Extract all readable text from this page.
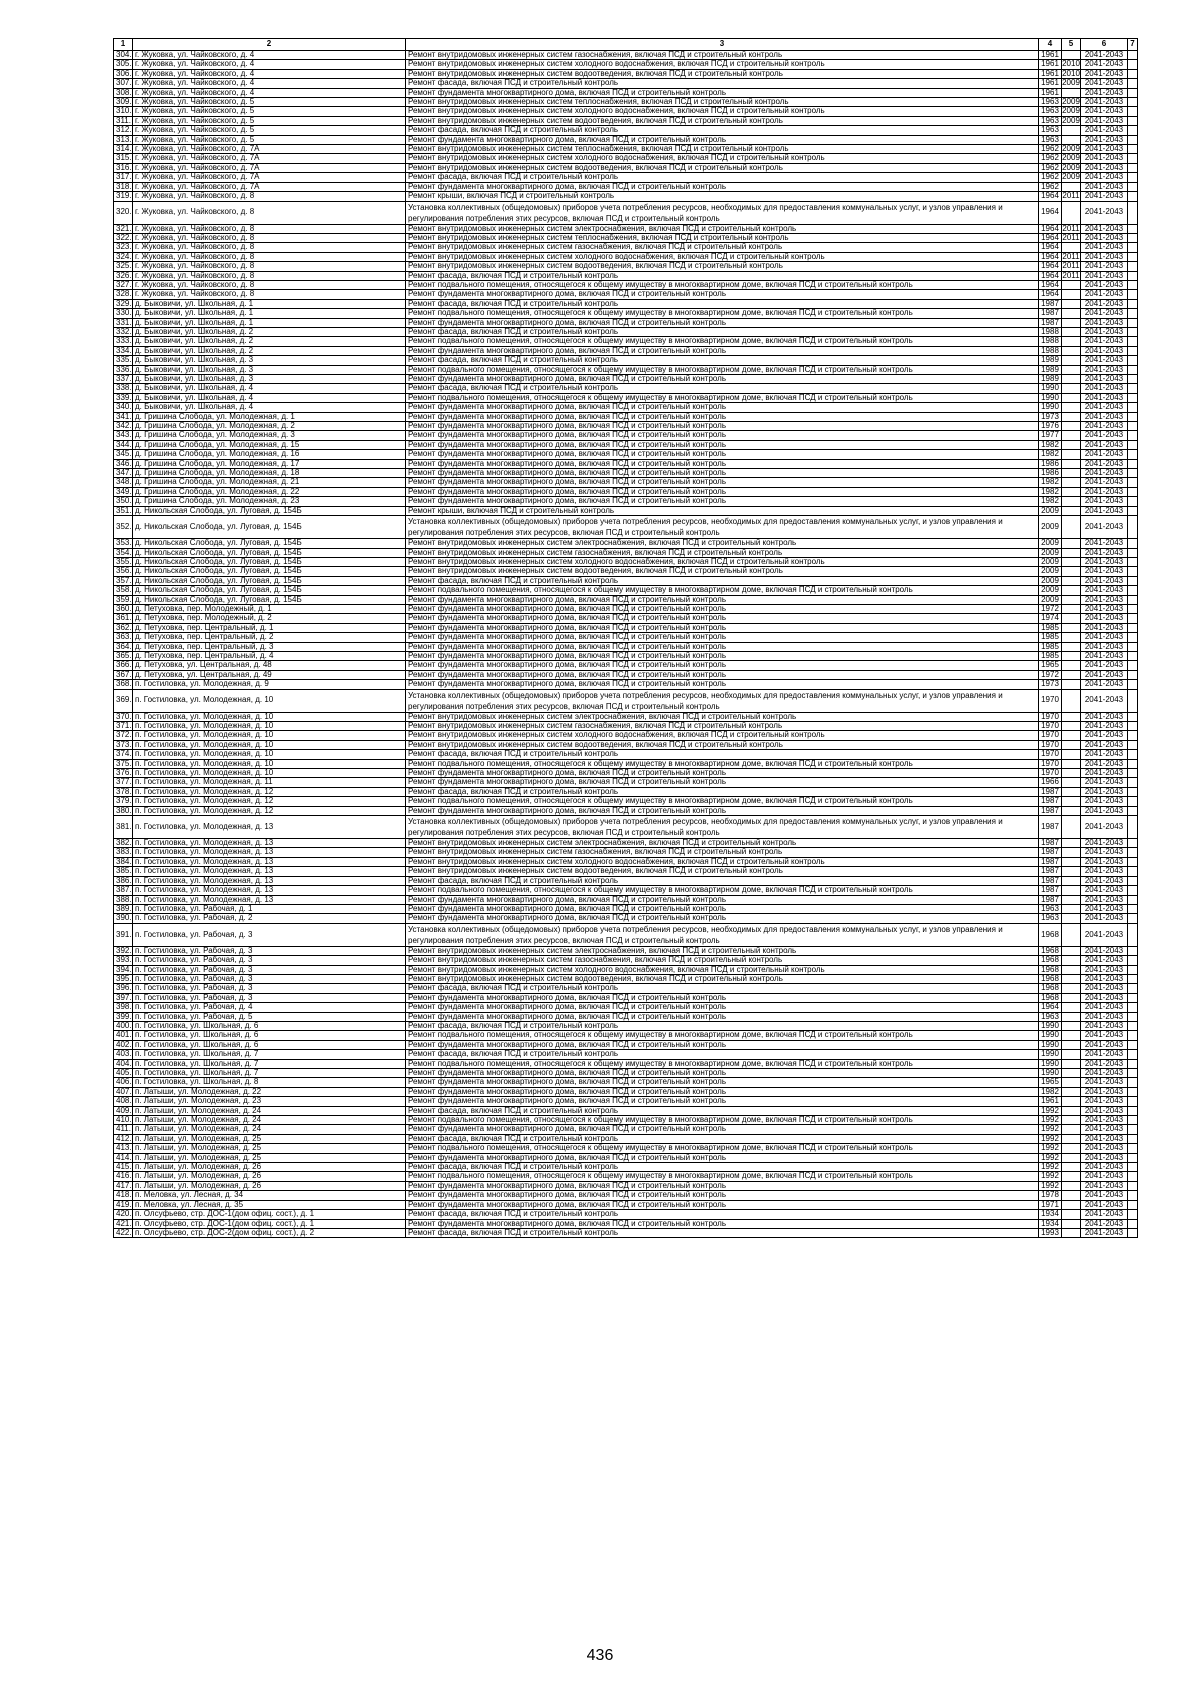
1	2	3	4	5	6	7
304.	г. Жуковка, ул. Чайковского, д. 4	Ремонт внутридомовых инженерных систем газоснабжения, включая ПСД и строительный контроль	1961		2041-2043	
305.	г. Жуковка, ул. Чайковского, д. 4	Ремонт внутридомовых инженерных систем холодного водоснабжения, включая ПСД и строительный контроль	1961	2010	2041-2043	
306.	г. Жуковка, ул. Чайковского, д. 4	Ремонт внутридомовых инженерных систем водоотведения, включая ПСД и строительный контроль	1961	2010	2041-2043	
307.	г. Жуковка, ул. Чайковского, д. 4	Ремонт фасада, включая ПСД и строительный контроль	1961	2009	2041-2043	
308.	г. Жуковка, ул. Чайковского, д. 4	Ремонт фундамента многоквартирного дома, включая ПСД и строительный контроль	1961		2041-2043	
309.	г. Жуковка, ул. Чайковского, д. 5	Ремонт внутридомовых инженерных систем теплоснабжения, включая ПСД и строительный контроль	1963	2009	2041-2043	
310.	г. Жуковка, ул. Чайковского, д. 5	Ремонт внутридомовых инженерных систем холодного водоснабжения, включая ПСД и строительный контроль	1963	2009	2041-2043	
311.	г. Жуковка, ул. Чайковского, д. 5	Ремонт внутридомовых инженерных систем водоотведения, включая ПСД и строительный контроль	1963	2009	2041-2043	
312.	г. Жуковка, ул. Чайковского, д. 5	Ремонт фасада, включая ПСД и строительный контроль	1963		2041-2043	
313.	г. Жуковка, ул. Чайковского, д. 5	Ремонт фундамента многоквартирного дома, включая ПСД и строительный контроль	1963		2041-2043	
314.	г. Жуковка, ул. Чайковского, д. 7А	Ремонт внутридомовых инженерных систем теплоснабжения, включая ПСД и строительный контроль	1962	2009	2041-2043	
315.	г. Жуковка, ул. Чайковского, д. 7А	Ремонт внутридомовых инженерных систем холодного водоснабжения, включая ПСД и строительный контроль	1962	2009	2041-2043	
316.	г. Жуковка, ул. Чайковского, д. 7А	Ремонт внутридомовых инженерных систем водоотведения, включая ПСД и строительный контроль	1962	2009	2041-2043	
317.	г. Жуковка, ул. Чайковского, д. 7А	Ремонт фасада, включая ПСД и строительный контроль	1962	2009	2041-2043	
318.	г. Жуковка, ул. Чайковского, д. 7А	Ремонт фундамента многоквартирного дома, включая ПСД и строительный контроль	1962		2041-2043	
319.	г. Жуковка, ул. Чайковского, д. 8	Ремонт крыши, включая ПСД и строительный контроль	1964	2011	2041-2043	
320.	г. Жуковка, ул. Чайковского, д. 8	Установка коллективных (общедомовых) приборов учета потребления ресурсов, необходимых для предоставления коммунальных услуг, и узлов управления и регулирования потребления этих ресурсов, включая ПСД и строительный контроль	1964		2041-2043	
321.	г. Жуковка, ул. Чайковского, д. 8	Ремонт внутридомовых инженерных систем электроснабжения, включая ПСД и строительный контроль	1964	2011	2041-2043	
322.	г. Жуковка, ул. Чайковского, д. 8	Ремонт внутридомовых инженерных систем теплоснабжения, включая ПСД и строительный контроль	1964	2011	2041-2043	
323.	г. Жуковка, ул. Чайковского, д. 8	Ремонт внутридомовых инженерных систем газоснабжения, включая ПСД и строительный контроль	1964		2041-2043	
324.	г. Жуковка, ул. Чайковского, д. 8	Ремонт внутридомовых инженерных систем холодного водоснабжения, включая ПСД и строительный контроль	1964	2011	2041-2043	
325.	г. Жуковка, ул. Чайковского, д. 8	Ремонт внутридомовых инженерных систем водоотведения, включая ПСД и строительный контроль	1964	2011	2041-2043	
326.	г. Жуковка, ул. Чайковского, д. 8	Ремонт фасада, включая ПСД и строительный контроль	1964	2011	2041-2043	
327.	г. Жуковка, ул. Чайковского, д. 8	Ремонт подвального помещения, относящегося к общему имуществу в многоквартирном доме, включая ПСД и строительный контроль	1964		2041-2043	
328.	г. Жуковка, ул. Чайковского, д. 8	Ремонт фундамента многоквартирного дома, включая ПСД и строительный контроль	1964		2041-2043	
329.	д. Быковичи, ул. Школьная, д. 1	Ремонт фасада, включая ПСД и строительный контроль	1987		2041-2043	
330.	д. Быковичи, ул. Школьная, д. 1	Ремонт подвального помещения, относящегося к общему имуществу в многоквартирном доме, включая ПСД и строительный контроль	1987		2041-2043	
331.	д. Быковичи, ул. Школьная, д. 1	Ремонт фундамента многоквартирного дома, включая ПСД и строительный контроль	1987		2041-2043	
332.	д. Быковичи, ул. Школьная, д. 2	Ремонт фасада, включая ПСД и строительный контроль	1988		2041-2043	
333.	д. Быковичи, ул. Школьная, д. 2	Ремонт подвального помещения, относящегося к общему имуществу в многоквартирном доме, включая ПСД и строительный контроль	1988		2041-2043	
334.	д. Быковичи, ул. Школьная, д. 2	Ремонт фундамента многоквартирного дома, включая ПСД и строительный контроль	1988		2041-2043	
335.	д. Быковичи, ул. Школьная, д. 3	Ремонт фасада, включая ПСД и строительный контроль	1989		2041-2043	
336.	д. Быковичи, ул. Школьная, д. 3	Ремонт подвального помещения, относящегося к общему имуществу в многоквартирном доме, включая ПСД и строительный контроль	1989		2041-2043	
337.	д. Быковичи, ул. Школьная, д. 3	Ремонт фундамента многоквартирного дома, включая ПСД и строительный контроль	1989		2041-2043	
338.	д. Быковичи, ул. Школьная, д. 4	Ремонт фасада, включая ПСД и строительный контроль	1990		2041-2043	
339.	д. Быковичи, ул. Школьная, д. 4	Ремонт подвального помещения, относящегося к общему имуществу в многоквартирном доме, включая ПСД и строительный контроль	1990		2041-2043	
340.	д. Быковичи, ул. Школьная, д. 4	Ремонт фундамента многоквартирного дома, включая ПСД и строительный контроль	1990		2041-2043	
341.	д. Гришина Слобода, ул. Молодежная, д. 1	Ремонт фундамента многоквартирного дома, включая ПСД и строительный контроль	1973		2041-2043	
342.	д. Гришина Слобода, ул. Молодежная, д. 2	Ремонт фундамента многоквартирного дома, включая ПСД и строительный контроль	1976		2041-2043	
343.	д. Гришина Слобода, ул. Молодежная, д. 3	Ремонт фундамента многоквартирного дома, включая ПСД и строительный контроль	1977		2041-2043	
344.	д. Гришина Слобода, ул. Молодежная, д. 15	Ремонт фундамента многоквартирного дома, включая ПСД и строительный контроль	1982		2041-2043	
345.	д. Гришина Слобода, ул. Молодежная, д. 16	Ремонт фундамента многоквартирного дома, включая ПСД и строительный контроль	1982		2041-2043	
346.	д. Гришина Слобода, ул. Молодежная, д. 17	Ремонт фундамента многоквартирного дома, включая ПСД и строительный контроль	1986		2041-2043	
347.	д. Гришина Слобода, ул. Молодежная, д. 18	Ремонт фундамента многоквартирного дома, включая ПСД и строительный контроль	1986		2041-2043	
348.	д. Гришина Слобода, ул. Молодежная, д. 21	Ремонт фундамента многоквартирного дома, включая ПСД и строительный контроль	1982		2041-2043	
349.	д. Гришина Слобода, ул. Молодежная, д. 22	Ремонт фундамента многоквартирного дома, включая ПСД и строительный контроль	1982		2041-2043	
350.	д. Гришина Слобода, ул. Молодежная, д. 23	Ремонт фундамента многоквартирного дома, включая ПСД и строительный контроль	1982		2041-2043	
351.	д. Никольская Слобода, ул. Луговая, д. 154Б	Ремонт крыши, включая ПСД и строительный контроль	2009		2041-2043	
352.	д. Никольская Слобода, ул. Луговая, д. 154Б	Установка коллективных (общедомовых) приборов учета потребления ресурсов, необходимых для предоставления коммунальных услуг, и узлов управления и регулирования потребления этих ресурсов, включая ПСД и строительный контроль	2009		2041-2043	
353.	д. Никольская Слобода, ул. Луговая, д. 154Б	Ремонт внутридомовых инженерных систем электроснабжения, включая ПСД и строительный контроль	2009		2041-2043	
354.	д. Никольская Слобода, ул. Луговая, д. 154Б	Ремонт внутридомовых инженерных систем газоснабжения, включая ПСД и строительный контроль	2009		2041-2043	
355.	д. Никольская Слобода, ул. Луговая, д. 154Б	Ремонт внутридомовых инженерных систем холодного водоснабжения, включая ПСД и строительный контроль	2009		2041-2043	
356.	д. Никольская Слобода, ул. Луговая, д. 154Б	Ремонт внутридомовых инженерных систем водоотведения, включая ПСД и строительный контроль	2009		2041-2043	
357.	д. Никольская Слобода, ул. Луговая, д. 154Б	Ремонт фасада, включая ПСД и строительный контроль	2009		2041-2043	
358.	д. Никольская Слобода, ул. Луговая, д. 154Б	Ремонт подвального помещения, относящегося к общему имуществу в многоквартирном доме, включая ПСД и строительный контроль	2009		2041-2043	
359.	д. Никольская Слобода, ул. Луговая, д. 154Б	Ремонт фундамента многоквартирного дома, включая ПСД и строительный контроль	2009		2041-2043	
360.	д. Петуховка, пер. Молодежный, д. 1	Ремонт фундамента многоквартирного дома, включая ПСД и строительный контроль	1972		2041-2043	
361.	д. Петуховка, пер. Молодежный, д. 2	Ремонт фундамента многоквартирного дома, включая ПСД и строительный контроль	1974		2041-2043	
362.	д. Петуховка, пер. Центральный, д. 1	Ремонт фундамента многоквартирного дома, включая ПСД и строительный контроль	1985		2041-2043	
363.	д. Петуховка, пер. Центральный, д. 2	Ремонт фундамента многоквартирного дома, включая ПСД и строительный контроль	1985		2041-2043	
364.	д. Петуховка, пер. Центральный, д. 3	Ремонт фундамента многоквартирного дома, включая ПСД и строительный контроль	1985		2041-2043	
365.	д. Петуховка, пер. Центральный, д. 4	Ремонт фундамента многоквартирного дома, включая ПСД и строительный контроль	1985		2041-2043	
366.	д. Петуховка, ул. Центральная, д. 48	Ремонт фундамента многоквартирного дома, включая ПСД и строительный контроль	1965		2041-2043	
367.	д. Петуховка, ул. Центральная, д. 49	Ремонт фундамента многоквартирного дома, включая ПСД и строительный контроль	1972		2041-2043	
368.	п. Гостиловка, ул. Молодежная, д. 9	Ремонт фундамента многоквартирного дома, включая ПСД и строительный контроль	1973		2041-2043	
369.	п. Гостиловка, ул. Молодежная, д. 10	Установка коллективных (общедомовых) приборов учета потребления ресурсов, необходимых для предоставления коммунальных услуг, и узлов управления и регулирования потребления этих ресурсов, включая ПСД и строительный контроль	1970		2041-2043	
370.	п. Гостиловка, ул. Молодежная, д. 10	Ремонт внутридомовых инженерных систем электроснабжения, включая ПСД и строительный контроль	1970		2041-2043	
371.	п. Гостиловка, ул. Молодежная, д. 10	Ремонт внутридомовых инженерных систем газоснабжения, включая ПСД и строительный контроль	1970		2041-2043	
372.	п. Гостиловка, ул. Молодежная, д. 10	Ремонт внутридомовых инженерных систем холодного водоснабжения, включая ПСД и строительный контроль	1970		2041-2043	
373.	п. Гостиловка, ул. Молодежная, д. 10	Ремонт внутридомовых инженерных систем водоотведения, включая ПСД и строительный контроль	1970		2041-2043	
374.	п. Гостиловка, ул. Молодежная, д. 10	Ремонт фасада, включая ПСД и строительный контроль	1970		2041-2043	
375.	п. Гостиловка, ул. Молодежная, д. 10	Ремонт подвального помещения, относящегося к общему имуществу в многоквартирном доме, включая ПСД и строительный контроль	1970		2041-2043	
376.	п. Гостиловка, ул. Молодежная, д. 10	Ремонт фундамента многоквартирного дома, включая ПСД и строительный контроль	1970		2041-2043	
377.	п. Гостиловка, ул. Молодежная, д. 11	Ремонт фундамента многоквартирного дома, включая ПСД и строительный контроль	1966		2041-2043	
378.	п. Гостиловка, ул. Молодежная, д. 12	Ремонт фасада, включая ПСД и строительный контроль	1987		2041-2043	
379.	п. Гостиловка, ул. Молодежная, д. 12	Ремонт подвального помещения, относящегося к общему имуществу в многоквартирном доме, включая ПСД и строительный контроль	1987		2041-2043	
380.	п. Гостиловка, ул. Молодежная, д. 12	Ремонт фундамента многоквартирного дома, включая ПСД и строительный контроль	1987		2041-2043	
381.	п. Гостиловка, ул. Молодежная, д. 13	Установка коллективных (общедомовых) приборов учета потребления ресурсов, необходимых для предоставления коммунальных услуг, и узлов управления и регулирования потребления этих ресурсов, включая ПСД и строительный контроль	1987		2041-2043	
382.	п. Гостиловка, ул. Молодежная, д. 13	Ремонт внутридомовых инженерных систем электроснабжения, включая ПСД и строительный контроль	1987		2041-2043	
383.	п. Гостиловка, ул. Молодежная, д. 13	Ремонт внутридомовых инженерных систем газоснабжения, включая ПСД и строительный контроль	1987		2041-2043	
384.	п. Гостиловка, ул. Молодежная, д. 13	Ремонт внутридомовых инженерных систем холодного водоснабжения, включая ПСД и строительный контроль	1987		2041-2043	
385.	п. Гостиловка, ул. Молодежная, д. 13	Ремонт внутридомовых инженерных систем водоотведения, включая ПСД и строительный контроль	1987		2041-2043	
386.	п. Гостиловка, ул. Молодежная, д. 13	Ремонт фасада, включая ПСД и строительный контроль	1987		2041-2043	
387.	п. Гостиловка, ул. Молодежная, д. 13	Ремонт подвального помещения, относящегося к общему имуществу в многоквартирном доме, включая ПСД и строительный контроль	1987		2041-2043	
388.	п. Гостиловка, ул. Молодежная, д. 13	Ремонт фундамента многоквартирного дома, включая ПСД и строительный контроль	1987		2041-2043	
389.	п. Гостиловка, ул. Рабочая, д. 1	Ремонт фундамента многоквартирного дома, включая ПСД и строительный контроль	1963		2041-2043	
390.	п. Гостиловка, ул. Рабочая, д. 2	Ремонт фундамента многоквартирного дома, включая ПСД и строительный контроль	1963		2041-2043	
391.	п. Гостиловка, ул. Рабочая, д. 3	Установка коллективных (общедомовых) приборов учета потребления ресурсов, необходимых для предоставления коммунальных услуг, и узлов управления и регулирования потребления этих ресурсов, включая ПСД и строительный контроль	1968		2041-2043	
392.	п. Гостиловка, ул. Рабочая, д. 3	Ремонт внутридомовых инженерных систем электроснабжения, включая ПСД и строительный контроль	1968		2041-2043	
393.	п. Гостиловка, ул. Рабочая, д. 3	Ремонт внутридомовых инженерных систем газоснабжения, включая ПСД и строительный контроль	1968		2041-2043	
394.	п. Гостиловка, ул. Рабочая, д. 3	Ремонт внутридомовых инженерных систем холодного водоснабжения, включая ПСД и строительный контроль	1968		2041-2043	
395.	п. Гостиловка, ул. Рабочая, д. 3	Ремонт внутридомовых инженерных систем водоотведения, включая ПСД и строительный контроль	1968		2041-2043	
396.	п. Гостиловка, ул. Рабочая, д. 3	Ремонт фасада, включая ПСД и строительный контроль	1968		2041-2043	
397.	п. Гостиловка, ул. Рабочая, д. 3	Ремонт фундамента многоквартирного дома, включая ПСД и строительный контроль	1968		2041-2043	
398.	п. Гостиловка, ул. Рабочая, д. 4	Ремонт фундамента многоквартирного дома, включая ПСД и строительный контроль	1964		2041-2043	
399.	п. Гостиловка, ул. Рабочая, д. 5	Ремонт фундамента многоквартирного дома, включая ПСД и строительный контроль	1963		2041-2043	
400.	п. Гостиловка, ул. Школьная, д. 6	Ремонт фасада, включая ПСД и строительный контроль	1990		2041-2043	
401.	п. Гостиловка, ул. Школьная, д. 6	Ремонт подвального помещения, относящегося к общему имуществу в многоквартирном доме, включая ПСД и строительный контроль	1990		2041-2043	
402.	п. Гостиловка, ул. Школьная, д. 6	Ремонт фундамента многоквартирного дома, включая ПСД и строительный контроль	1990		2041-2043	
403.	п. Гостиловка, ул. Школьная, д. 7	Ремонт фасада, включая ПСД и строительный контроль	1990		2041-2043	
404.	п. Гостиловка, ул. Школьная, д. 7	Ремонт подвального помещения, относящегося к общему имуществу в многоквартирном доме, включая ПСД и строительный контроль	1990		2041-2043	
405.	п. Гостиловка, ул. Школьная, д. 7	Ремонт фундамента многоквартирного дома, включая ПСД и строительный контроль	1990		2041-2043	
406.	п. Гостиловка, ул. Школьная, д. 8	Ремонт фундамента многоквартирного дома, включая ПСД и строительный контроль	1965		2041-2043	
407.	п. Латыши, ул. Молодежная, д. 22	Ремонт фундамента многоквартирного дома, включая ПСД и строительный контроль	1982		2041-2043	
408.	п. Латыши, ул. Молодежная, д. 23	Ремонт фундамента многоквартирного дома, включая ПСД и строительный контроль	1961		2041-2043	
409.	п. Латыши, ул. Молодежная, д. 24	Ремонт фасада, включая ПСД и строительный контроль	1992		2041-2043	
410.	п. Латыши, ул. Молодежная, д. 24	Ремонт подвального помещения, относящегося к общему имуществу в многоквартирном доме, включая ПСД и строительный контроль	1992		2041-2043	
411.	п. Латыши, ул. Молодежная, д. 24	Ремонт фундамента многоквартирного дома, включая ПСД и строительный контроль	1992		2041-2043	
412.	п. Латыши, ул. Молодежная, д. 25	Ремонт фасада, включая ПСД и строительный контроль	1992		2041-2043	
413.	п. Латыши, ул. Молодежная, д. 25	Ремонт подвального помещения, относящегося к общему имуществу в многоквартирном доме, включая ПСД и строительный контроль	1992		2041-2043	
414.	п. Латыши, ул. Молодежная, д. 25	Ремонт фундамента многоквартирного дома, включая ПСД и строительный контроль	1992		2041-2043	
415.	п. Латыши, ул. Молодежная, д. 26	Ремонт фасада, включая ПСД и строительный контроль	1992		2041-2043	
416.	п. Латыши, ул. Молодежная, д. 26	Ремонт подвального помещения, относящегося к общему имуществу в многоквартирном доме, включая ПСД и строительный контроль	1992		2041-2043	
417.	п. Латыши, ул. Молодежная, д. 26	Ремонт фундамента многоквартирного дома, включая ПСД и строительный контроль	1992		2041-2043	
418.	п. Меловка, ул. Лесная, д. 34	Ремонт фундамента многоквартирного дома, включая ПСД и строительный контроль	1978		2041-2043	
419.	п. Меловка, ул. Лесная, д. 35	Ремонт фундамента многоквартирного дома, включая ПСД и строительный контроль	1971		2041-2043	
420.	п. Олсуфьево, стр. ДОС-1(дом офиц. сост.), д. 1	Ремонт фасада, включая ПСД и строительный контроль	1934		2041-2043	
421.	п. Олсуфьево, стр. ДОС-1(дом офиц. сост.), д. 1	Ремонт фундамента многоквартирного дома, включая ПСД и строительный контроль	1934		2041-2043	
422.	п. Олсуфьево, стр. ДОС-2(дом офиц. сост.), д. 2	Ремонт фасада, включая ПСД и строительный контроль	1993		2041-2043	
436
